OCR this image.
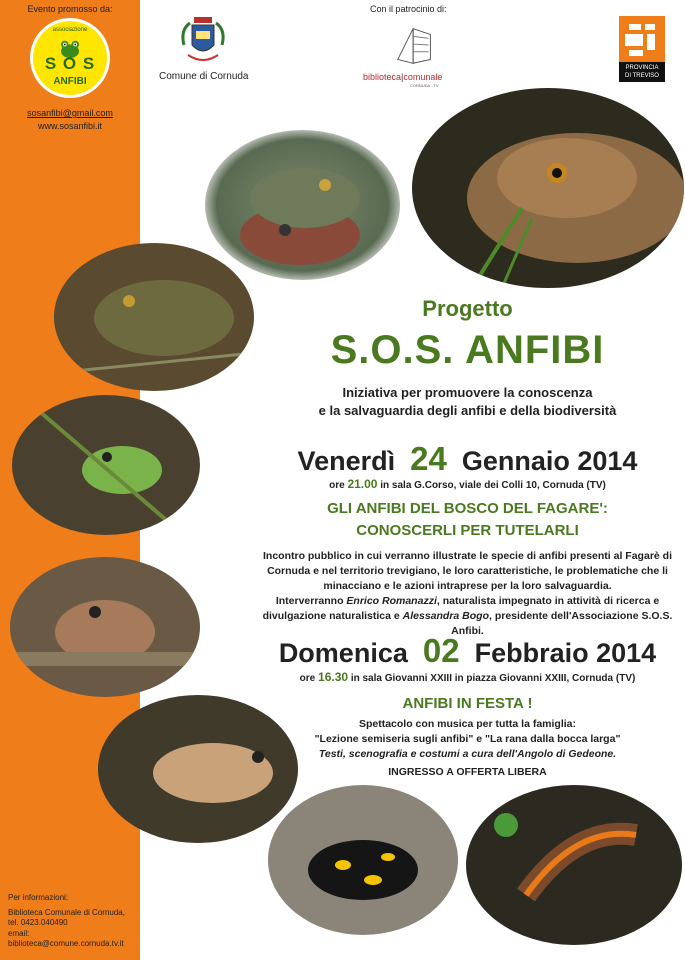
Evento promosso da:
associazione
S O S
ANFIBI
sosanfibi@gmail.com
www.sosanfibi.it
Per informazioni:
Biblioteca Comunale di Cornuda,
tel. 0423.040490
email:
biblioteca@comune.cornuda.tv.it
Comune di Cornuda
Con il patrocinio di:
biblioteca|comunale
CORNUDA - TV
PROVINCIA
DI TREVISO
Progetto
S.O.S. ANFIBI
Iniziativa per promuovere la conoscenza
e la salvaguardia degli anfibi e della biodiversità
Venerdì 24 Gennaio 2014
ore 21.00 in sala G.Corso, viale dei Colli 10, Cornuda (TV)
GLI ANFIBI DEL BOSCO DEL FAGARE':
CONOSCERLI PER TUTELARLI
Incontro pubblico in cui verranno illustrate le specie di anfibi presenti al Fagarè di
Cornuda e nel territorio trevigiano, le loro caratteristiche, le problematiche che li
minacciano e le azioni intraprese per la loro salvaguardia.
Interverranno Enrico Romanazzi, naturalista impegnato in attività di ricerca e
divulgazione naturalistica e Alessandra Bogo, presidente dell'Associazione S.O.S. Anfibi.
Domenica 02 Febbraio 2014
ore 16.30 in sala Giovanni XXIII in piazza Giovanni XXIII, Cornuda (TV)
ANFIBI IN FESTA !
Spettacolo con musica per tutta la famiglia:
"Lezione semiseria sugli anfibi" e "La rana dalla bocca larga"
Testi, scenografia e costumi a cura dell'Angolo di Gedeone.
INGRESSO A OFFERTA LIBERA
